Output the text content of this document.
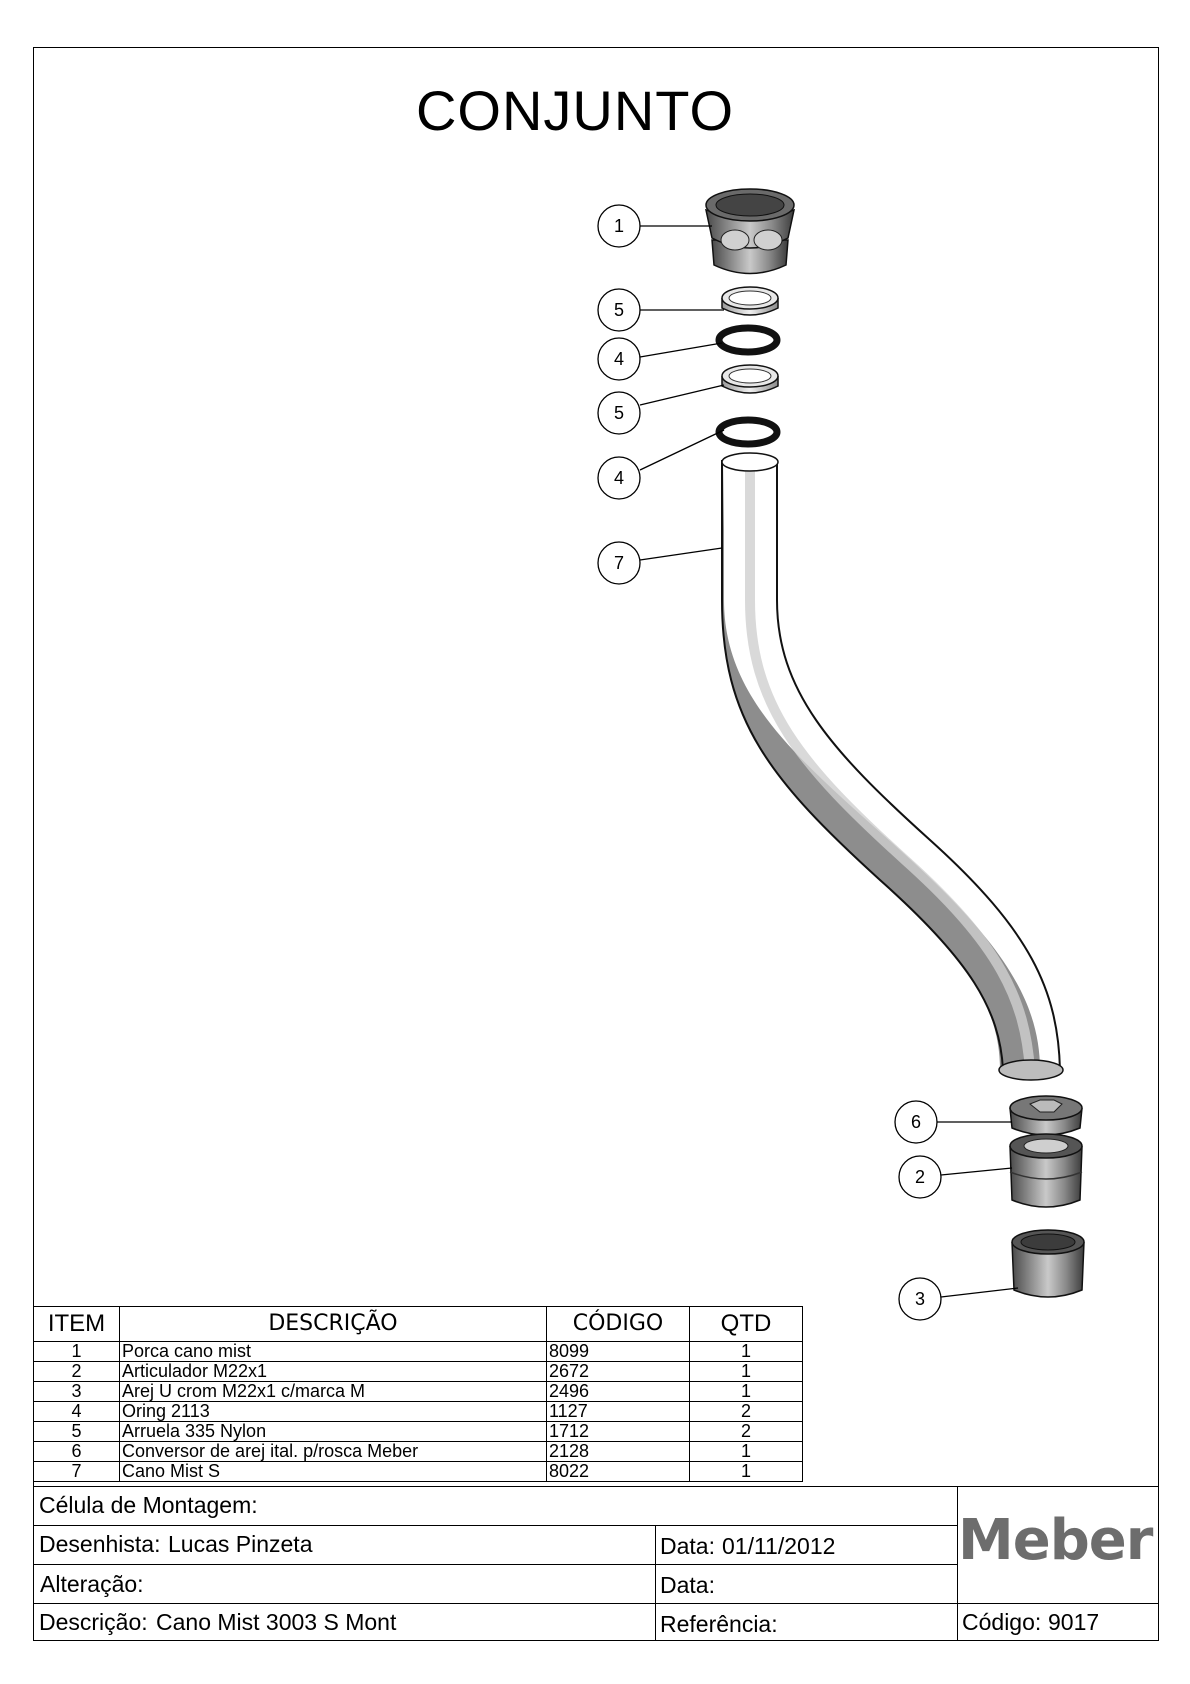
CONJUNTO
1
5
4
5
4
7
6
2
3
ITEM	DESCRIÇÃO	CÓDIGO	QTD
1	Porca cano mist	8099	1
2	Articulador M22x1	2672	1
3	Arej U crom M22x1 c/marca M	2496	1
4	Oring 2113	1127	2
5	Arruela 335 Nylon	1712	2
6	Conversor de arej ital. p/rosca Meber	2128	1
7	Cano Mist S	8022	1
Célula de Montagem:
Desenhista: Lucas Pinzeta	Data: 01/11/2012
Alteração:	Data:
Descrição: Cano Mist 3003 S Mont	Referência:	Código: 9017
Meber
